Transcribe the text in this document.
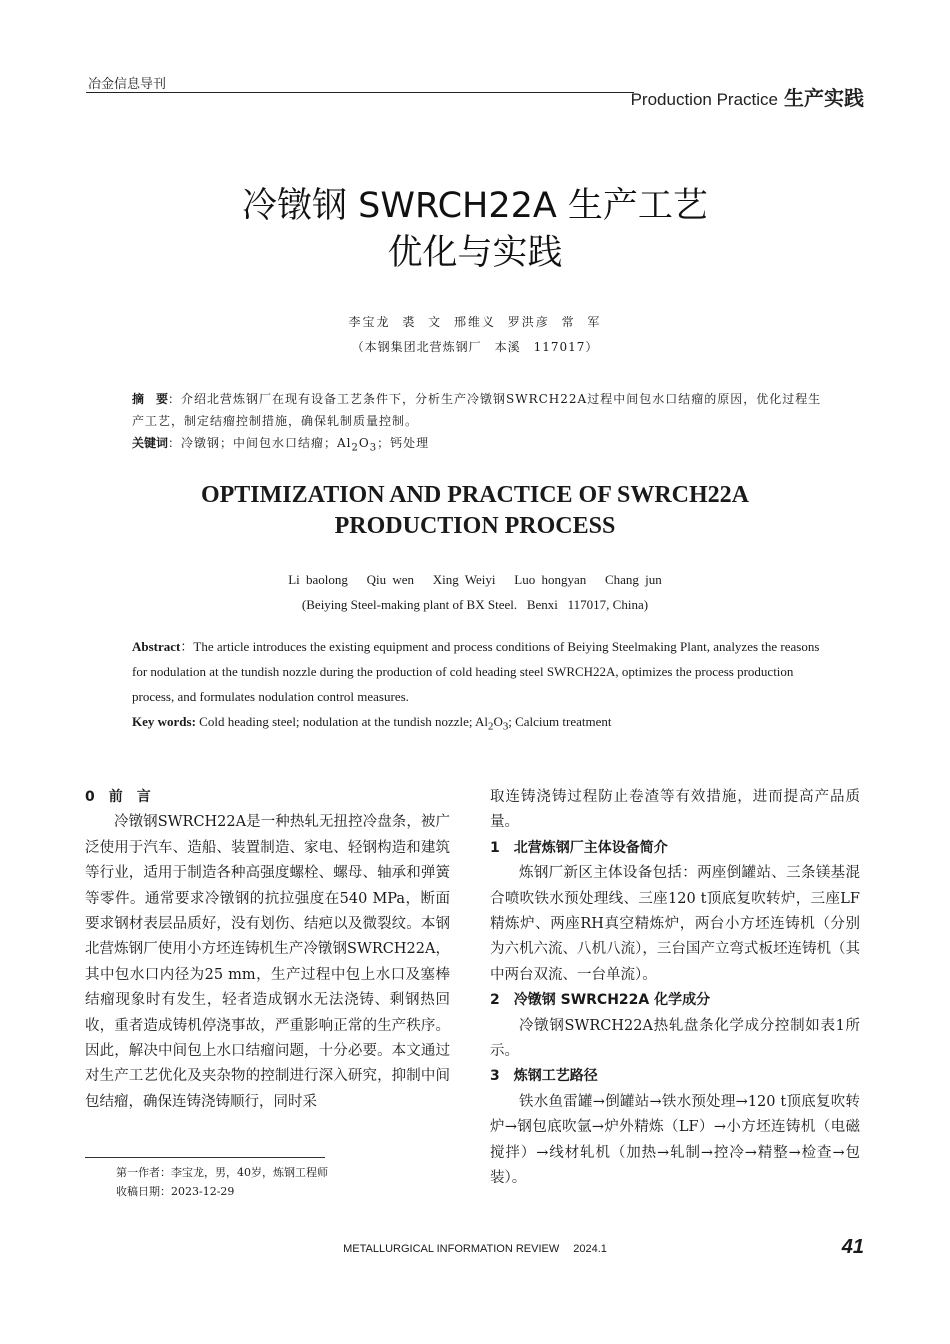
冶金信息导刊
Production Practice 生产实践
冷镦钢 SWRCH22A 生产工艺
优化与实践
李宝龙 裘 文 邢维义 罗洪彦 常 军
（本钢集团北营炼钢厂　本溪　117017）
摘　要：介绍北营炼钢厂在现有设备工艺条件下，分析生产冷镦钢SWRCH22A过程中间包水口结瘤的原因，优化过程生产工艺，制定结瘤控制措施，确保轧制质量控制。
关键词：冷镦钢；中间包水口结瘤；$Al_2O_3$；钙处理
OPTIMIZATION AND PRACTICE OF SWRCH22A
PRODUCTION PROCESS
Li baolong   Qiu wen   Xing Weiyi   Luo hongyan   Chang jun
(Beiying Steel-making plant of BX Steel.   Benxi   117017, China)
Abstract：The article introduces the existing equipment and process conditions of Beiying Steelmaking Plant, analyzes the reasons for nodulation at the tundish nozzle during the production of cold heading steel SWRCH22A, optimizes the process production process, and formulates nodulation control measures.
Key words: Cold heading steel; nodulation at the tundish nozzle; $Al_2O_3$; Calcium treatment

0　前　言

冷镦钢SWRCH22A是一种热轧无扭控冷盘条，被广泛使用于汽车、造船、装置制造、家电、轻钢构造和建筑等行业，适用于制造各种高强度螺栓、螺母、轴承和弹簧等零件。通常要求冷镦钢的抗拉强度在540 MPa，断面要求钢材表层品质好，没有划伤、结疤以及微裂纹。本钢北营炼钢厂使用小方坯连铸机生产冷镦钢SWRCH22A，其中包水口内径为25 mm，生产过程中包上水口及塞棒结瘤现象时有发生，轻者造成钢水无法浇铸、剩钢热回收，重者造成铸机停浇事故，严重影响正常的生产秩序。因此，解决中间包上水口结瘤问题，十分必要。本文通过对生产工艺优化及夹杂物的控制进行深入研究，抑制中间包结瘤，确保连铸浇铸顺行，同时采

取连铸浇铸过程防止卷渣等有效措施，进而提高产品质量。

1　北营炼钢厂主体设备简介

炼钢厂新区主体设备包括：两座倒罐站、三条镁基混合喷吹铁水预处理线、三座120 t顶底复吹转炉，三座LF精炼炉、两座RH真空精炼炉，两台小方坯连铸机（分别为六机六流、八机八流），三台国产立弯式板坯连铸机（其中两台双流、一台单流）。

2　冷镦钢 SWRCH22A 化学成分

冷镦钢SWRCH22A热轧盘条化学成分控制如表1所示。

3　炼钢工艺路径

铁水鱼雷罐→倒罐站→铁水预处理→120 t顶底复吹转炉→钢包底吹氩→炉外精炼（LF）→小方坯连铸机（电磁搅拌）→线材轧机（加热→轧制→控冷→精整→检查→包装）。

第一作者：李宝龙，男，40岁，炼钢工程师
收稿日期：2023-12-29
METALLURGICAL INFORMATION REVIEW 2024.1	41
